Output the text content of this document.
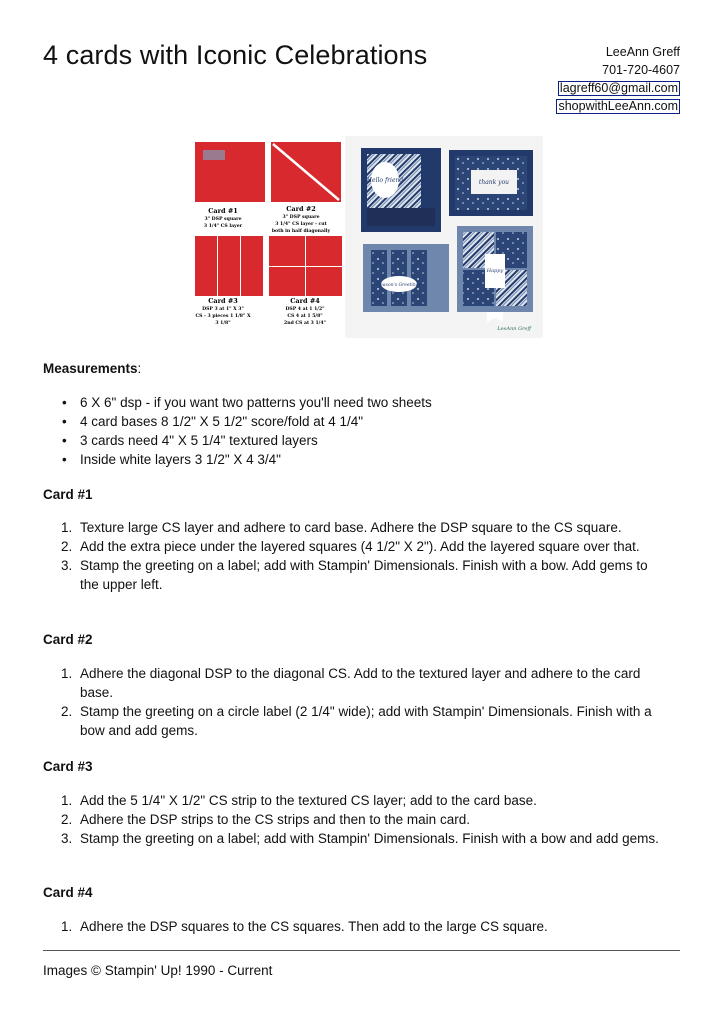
4 cards with Iconic Celebrations	LeeAnn Greff
701-720-4607
lagreff60@gmail.com
shopwithLeeAnn.com
Card #1
3" DSP square
3 1/4" CS layer
Card #2
3" DSP square
3 1/4" CS layer - cut
both in half diagonally
Card #3
DSP 3 at 1" X 3"
CS - 3 pieces 1 1/8" X
3 1/8"
Card #4
DSP 4 at 1 1/2"
CS 4 at 1 5/8"
2nd CS at 3 1/4"
Hello friend	thank you
Season's Greetings
Happy
LeeAnn Greff
Measurements:
• 6 X 6" dsp - if you want two patterns you'll need two sheets
• 4 card bases 8 1/2" X 5 1/2" score/fold at 4 1/4"
• 3 cards need 4" X 5 1/4" textured layers
• Inside white layers 3 1/2" X 4 3/4"
Card #1
1. Texture large CS layer and adhere to card base. Adhere the DSP square to the CS square.
2. Add the extra piece under the layered squares (4 1/2" X 2"). Add the layered square over that.
3. Stamp the greeting on a label; add with Stampin' Dimensionals. Finish with a bow. Add gems to the upper left.
Card #2
1. Adhere the diagonal DSP to the diagonal CS. Add to the textured layer and adhere to the card base.
2. Stamp the greeting on a circle label (2 1/4" wide); add with Stampin' Dimensionals. Finish with a bow and add gems.
Card #3
1. Add the 5 1/4" X 1/2" CS strip to the textured CS layer; add to the card base.
2. Adhere the DSP strips to the CS strips and then to the main card.
3. Stamp the greeting on a label; add with Stampin' Dimensionals. Finish with a bow and add gems.
Card #4
1. Adhere the DSP squares to the CS squares. Then add to the large CS square.
Images © Stampin' Up! 1990 - Current
